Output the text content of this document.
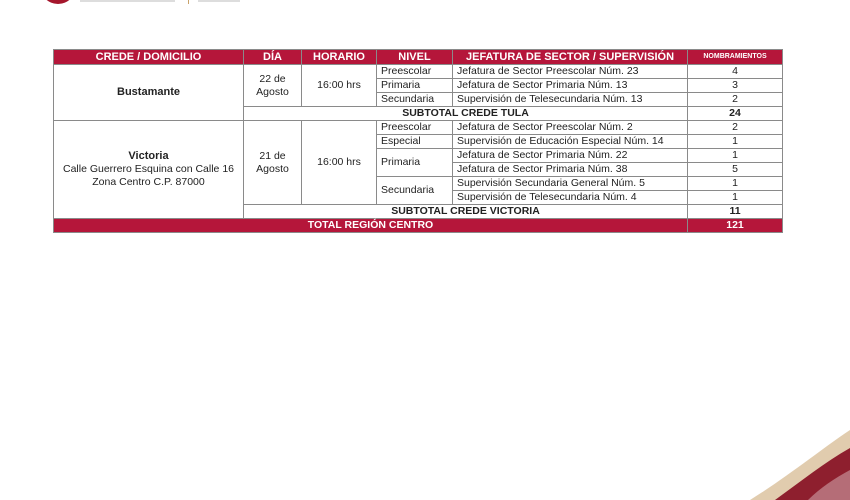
CREDE / DOMICILIO	DÍA	HORARIO	NIVEL	JEFATURA DE SECTOR / SUPERVISIÓN	NOMBRAMIENTOS

Bustamante	22 de Agosto	16:00 hrs	Preescolar	Jefatura de Sector Preescolar Núm. 23	4
			Primaria	Jefatura de Sector Primaria Núm. 13	3
			Secundaria	Supervisión de Telesecundaria Núm. 13	2
	SUBTOTAL CREDE TULA				24

Victoria
Calle Guerrero Esquina con Calle 16 Zona Centro C.P. 87000	21 de Agosto	16:00 hrs	Preescolar	Jefatura de Sector Preescolar Núm. 2	2
			Especial	Supervisión de Educación Especial Núm. 14	1
			Primaria	Jefatura de Sector Primaria Núm. 22	1
				Jefatura de Sector Primaria Núm. 38	5
			Secundaria	Supervisión Secundaria General Núm. 5	1
				Supervisión de Telesecundaria Núm. 4	1
	SUBTOTAL CREDE VICTORIA				11
TOTAL REGIÓN CENTRO					121
